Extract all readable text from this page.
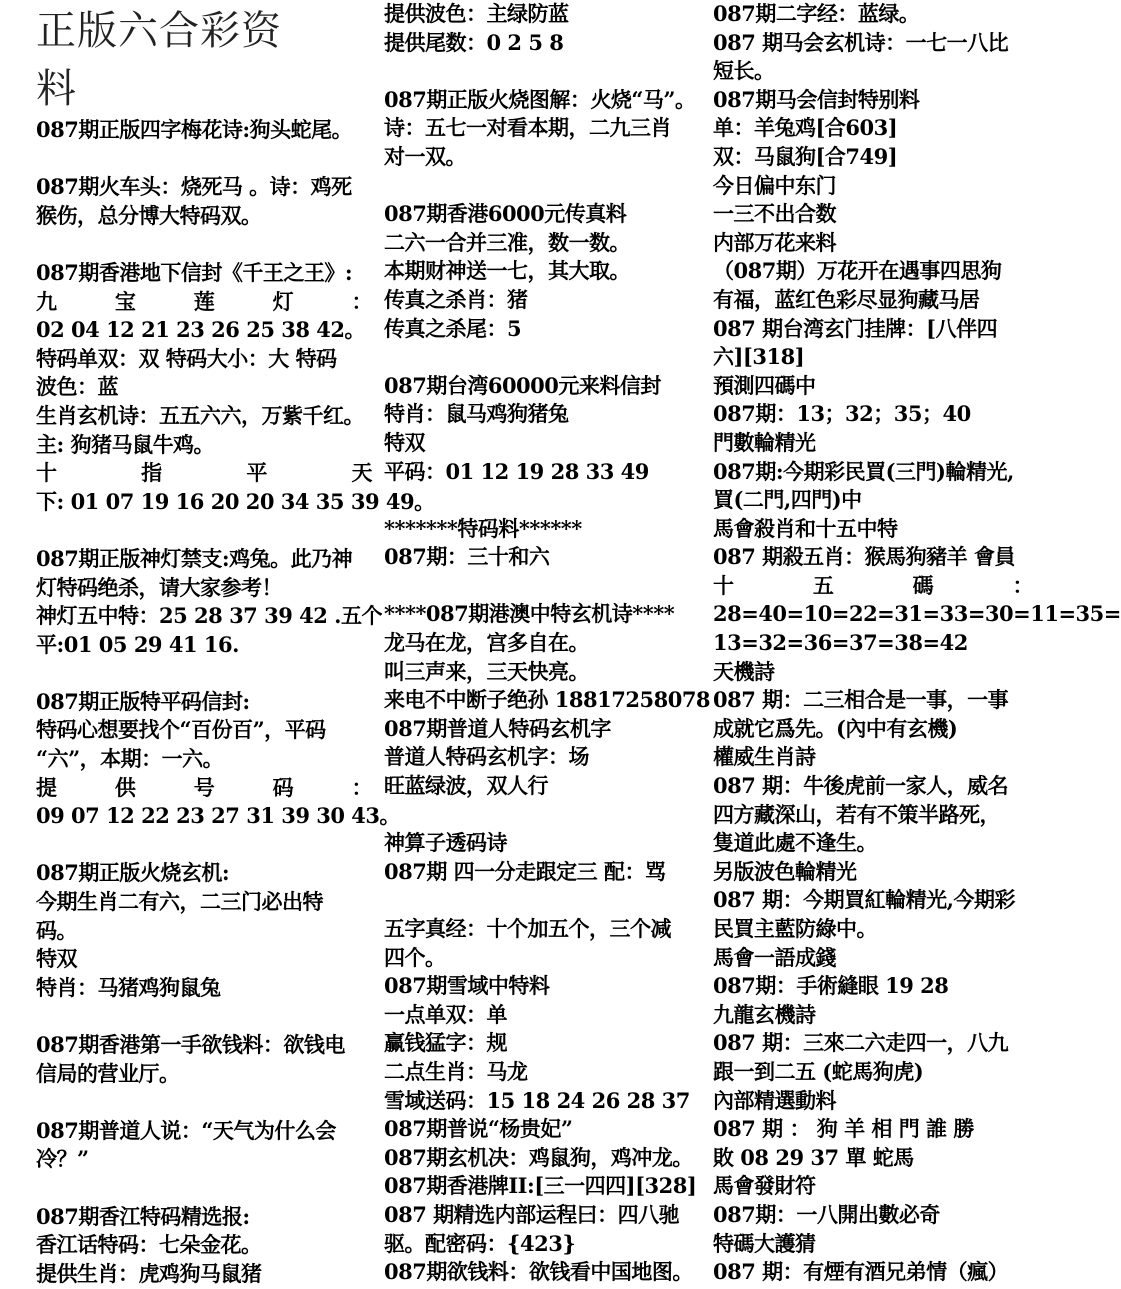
正版六合彩资
料
087期正版四字梅花诗:狗头蛇尾。
087期火车头：烧死马 。诗：鸡死
猴伤，总分博大特码双。
087期香港地下信封《千王之王》:
九	宝	莲	灯	：
02 04 12 21 23 26 25 38 42。
特码单双：双 特码大小：大 特码
波色：蓝
生肖玄机诗：五五六六，万紫千红。
主: 狗猪马鼠牛鸡。
十	指	平	天
下: 01 07 19 16 20 20 34 35 39 49。
087期正版神灯禁支:鸡兔。此乃神
灯特码绝杀，请大家参考！
神灯五中特：25 28 37 39 42 .五个
平:01 05 29 41 16.
087期正版特平码信封:
特码心想要找个“百份百”，平码
“六”，本期：一六。
提	供	号	码	：
09 07 12 22 23 27 31 39 30 43。
087期正版火烧玄机:
今期生肖二有六，二三门必出特
码。
特双
特肖：马猪鸡狗鼠兔
087期香港第一手欲钱料：欲钱电
信局的营业厅。
087期普道人说：“天气为什么会
冷？”
087期香江特码精选报:
香江话特码：七朵金花。
提供生肖：虎鸡狗马鼠猪
提供波色：主绿防蓝
提供尾数：0 2 5 8
087期正版火烧图解：火烧“马”。
诗：五七一对看本期，二九三肖
对一双。
087期香港6000元传真料
二六一合并三准，数一数。
本期财神送一七，其大取。
传真之杀肖：猪
传真之杀尾：5
087期台湾60000元来料信封
特肖：鼠马鸡狗猪兔
特双
平码：01 12 19 28 33 49
*******特码料******
087期：三十和六
****087期港澳中特玄机诗****
龙马在龙，宫多自在。
叫三声来，三天快亮。
来电不中断子绝孙 18817258078
087期普道人特码玄机字
普道人特码玄机字：场
旺蓝绿波，双人行
神算子透码诗
087期 四一分走跟定三 配：骂
五字真经：十个加五个，三个减
四个。
087期雪域中特料
一点单双：单
赢钱猛字：规
二点生肖：马龙
雪域送码：15 18 24 26 28 37
087期普说“杨贵妃”
087期玄机决：鸡鼠狗，鸡冲龙。
087期香港牌II:[三一四四][328]
087 期精选内部运程曰：四八驰
驱。配密码：{423}
087期欲钱料：欲钱看中国地图。
087期二字经：蓝绿。
087 期马会玄机诗：一七一八比
短长。
087期马会信封特别料
单：羊兔鸡[合603]
双：马鼠狗[合749]
今日偏中东门
一三不出合数
内部万花来料
（087期）万花开在遇事四思狗
有福，蓝红色彩尽显狗藏马居
087 期台湾玄门挂牌：[八伴四
六][318]
預測四碼中
087期：13；32；35；40
門數輪精光
087期:今期彩民買(三門)輪精光,
買(二門,四門)中
馬會殺肖和十五中特
087 期殺五肖：猴馬狗豬羊 會員
十	五	碼	：
28=40=10=22=31=33=30=11=35=
13=32=36=37=38=42
天機詩
087 期：二三相合是一事，一事
成就它爲先。(內中有玄機)
權威生肖詩
087 期：牛後虎前一家人，威名
四方藏深山，若有不策半路死，
隻道此處不逢生。
另版波色輪精光
087 期：今期買紅輪精光,今期彩
民買主藍防綠中。
馬會一語成錢
087期：手術縫眼 19 28
九龍玄機詩
087 期：三來二六走四一，八九
跟一到二五 (蛇馬狗虎)
內部精選動料
087 期 ： 狗 羊 相 門 誰 勝
敗 08 29 37 單 蛇馬
馬會發財符
087期：一八開出數必奇
特碼大護猜
087 期：有煙有酒兄弟情（瘋）
